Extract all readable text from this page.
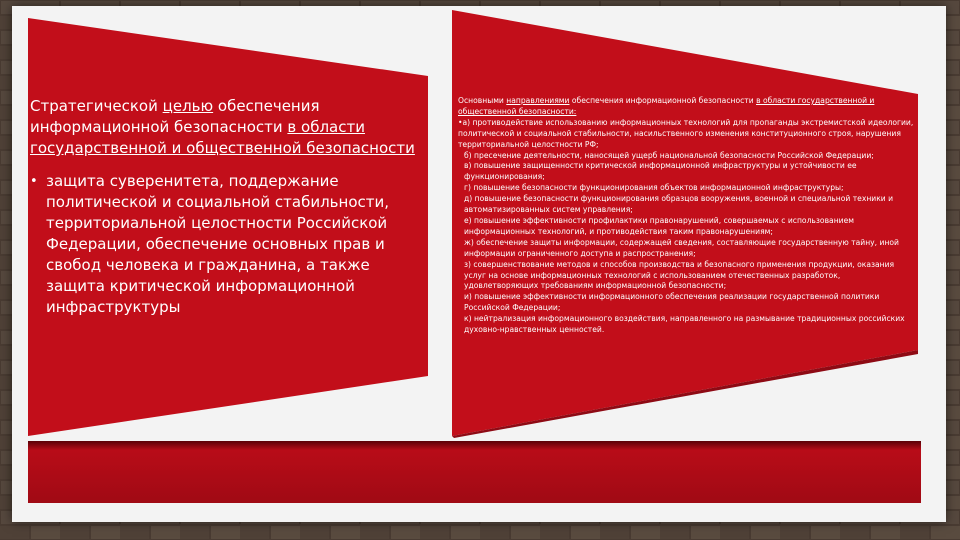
Стратегической целью обеспечения информационной безопасности в области государственной и общественной безопасности

• защита суверенитета, поддержание политической и социальной стабильности, территориальной целостности Российской Федерации, обеспечение основных прав и свобод человека и гражданина, а также защита критической информационной инфраструктуры
Основными направлениями обеспечения информационной безопасности в области государственной и общественной безопасности:
•а) противодействие использованию информационных технологий для пропаганды экстремистской идеологии, политической и социальной стабильности, насильственного изменения конституционного строя, нарушения территориальной целостности РФ;
б) пресечение деятельности, наносящей ущерб национальной безопасности Российской Федерации;
в) повышение защищенности критической информационной инфраструктуры и устойчивости ее функционирования;
г) повышение безопасности функционирования объектов информационной инфраструктуры;
д) повышение безопасности функционирования образцов вооружения, военной и специальной техники и автоматизированных систем управления;
е) повышение эффективности профилактики правонарушений, совершаемых с использованием информационных технологий, и противодействия таким правонарушениям;
ж) обеспечение защиты информации, содержащей сведения, составляющие государственную тайну, иной информации ограниченного доступа и распространения;
з) совершенствование методов и способов производства и безопасного применения продукции, оказания услуг на основе информационных технологий с использованием отечественных разработок, удовлетворяющих требованиям информационной безопасности;
и) повышение эффективности информационного обеспечения реализации государственной политики Российской Федерации;
к) нейтрализация информационного воздействия, направленного на размывание традиционных российских духовно-нравственных ценностей.
